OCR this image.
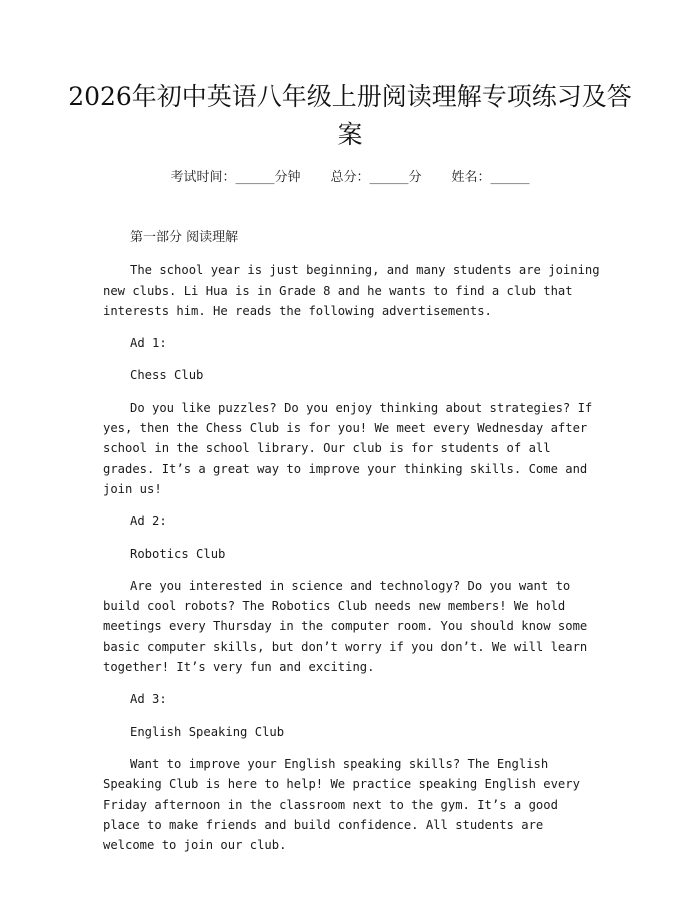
2026年初中英语八年级上册阅读理解专项练习及答案
考试时间：______分钟 总分：______分 姓名：______

第一部分 阅读理解

The school year is just beginning, and many students are joining new clubs. Li Hua is in Grade 8 and he wants to find a club that interests him. He reads the following advertisements.

Ad 1:

Chess Club

Do you like puzzles? Do you enjoy thinking about strategies? If yes, then the Chess Club is for you! We meet every Wednesday after school in the school library. Our club is for students of all grades. It’s a great way to improve your thinking skills. Come and join us!

Ad 2:

Robotics Club

Are you interested in science and technology? Do you want to build cool robots? The Robotics Club needs new members! We hold meetings every Thursday in the computer room. You should know some basic computer skills, but don’t worry if you don’t. We will learn together! It’s very fun and exciting.

Ad 3:

English Speaking Club

Want to improve your English speaking skills? The English Speaking Club is here to help! We practice speaking English every Friday afternoon in the classroom next to the gym. It’s a good place to make friends and build confidence. All students are welcome to join our club.
